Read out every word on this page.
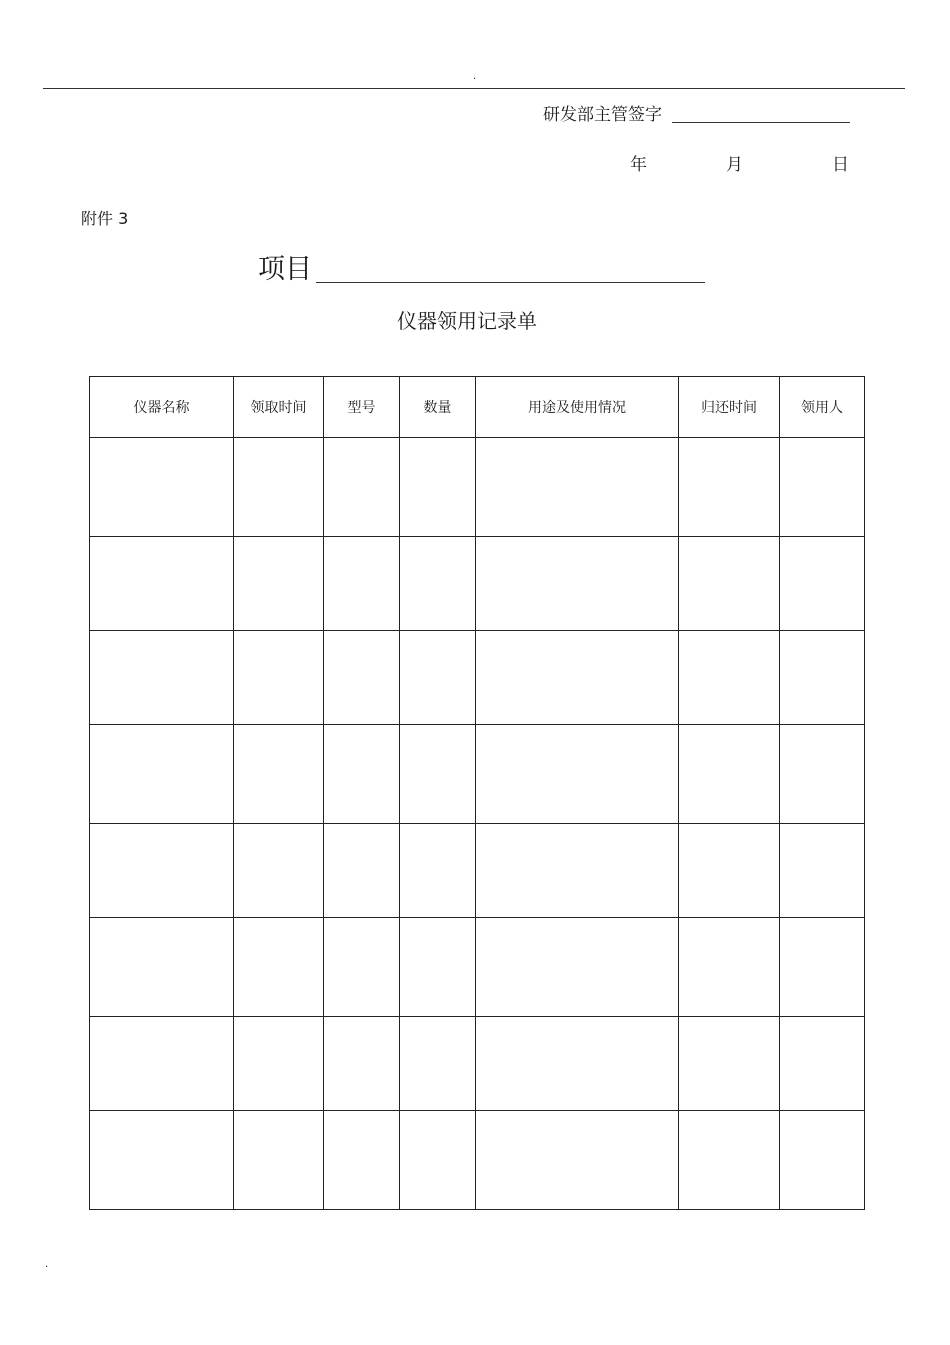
.
研发部主管签字
年	月	日
附件 3
项目
仪器领用记录单
仪器名称	领取时间	型号	数量	用途及使用情况	归还时间	领用人

.
